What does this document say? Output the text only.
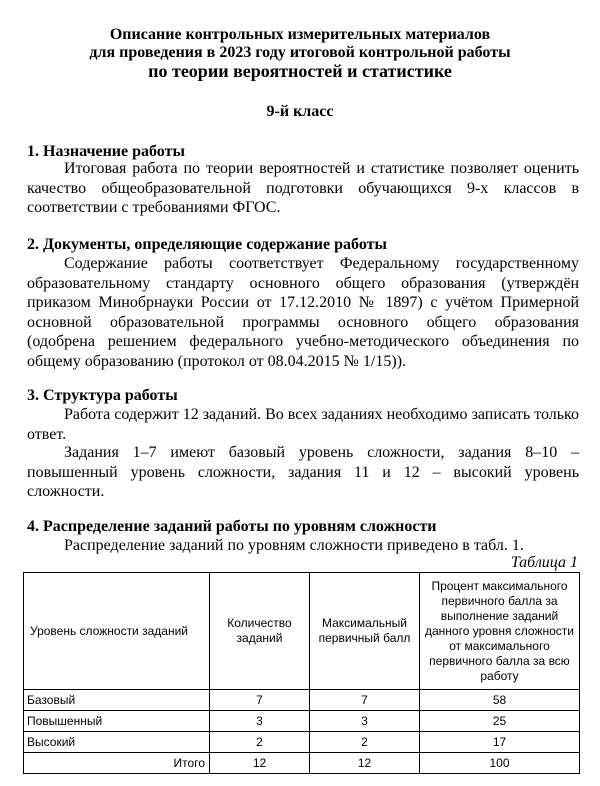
Описание контрольных измерительных материалов

для проведения в 2023 году итоговой контрольной работы

по теории вероятностей и статистике

9-й класс

1. Назначение работы

Итоговая работа по теории вероятностей и статистике позволяет оценить качество общеобразовательной подготовки обучающихся 9-х классов в соответствии с требованиями ФГОС.

2. Документы, определяющие содержание работы

Содержание работы соответствует Федеральному государственному образовательному стандарту основного общего образования (утверждён приказом Минобрнауки России от 17.12.2010 № 1897) с учётом Примерной основной образовательной программы основного общего образования (одобрена решением федерального учебно-методического объединения по общему образованию (протокол от 08.04.2015 № 1/15)).

3. Структура работы

Работа содержит 12 заданий. Во всех заданиях необходимо записать только ответ.

Задания 1–7 имеют базовый уровень сложности, задания 8–10 – повышенный уровень сложности, задания 11 и 12 – высокий уровень сложности.

4. Распределение заданий работы по уровням сложности

Распределение заданий по уровням сложности приведено в табл. 1.

Таблица 1

Уровень сложности заданий	Количество заданий	Максимальный первичный балл	Процент максимального первичного балла за выполнение заданий данного уровня сложности от максимального первичного балла за всю работу
Базовый	7	7	58
Повышенный	3	3	25
Высокий	2	2	17
Итого	12	12	100
